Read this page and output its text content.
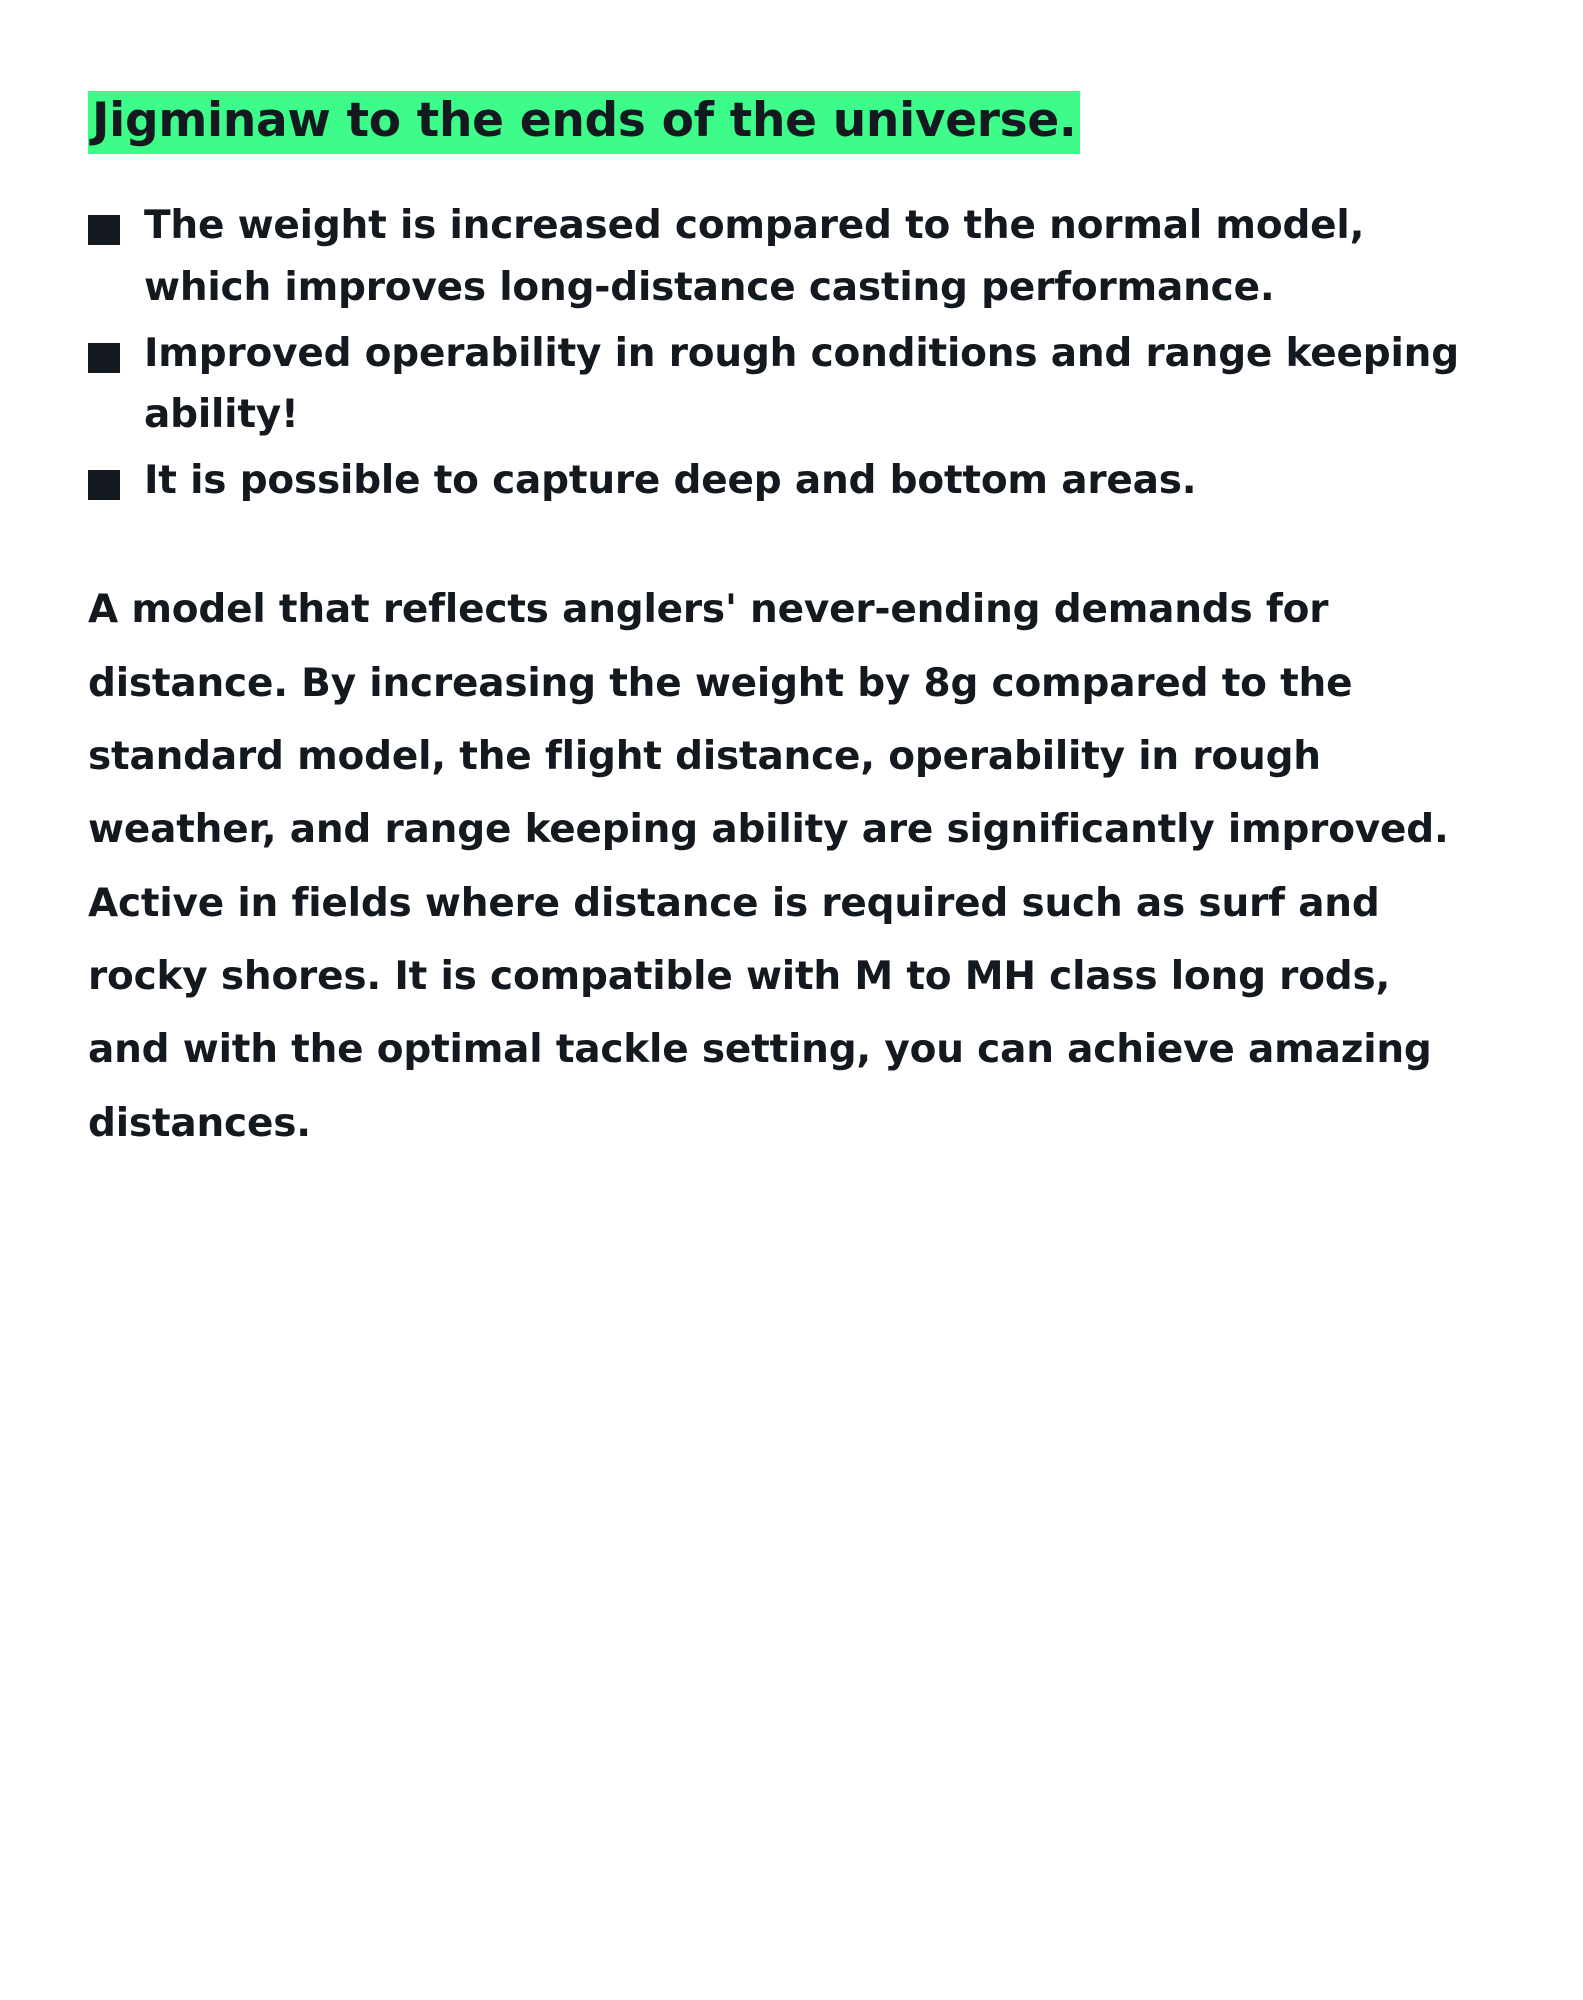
Jigminaw to the ends of the universe.
The weight is increased compared to the normal model, which improves long-distance casting performance.
Improved operability in rough conditions and range keeping ability!
It is possible to capture deep and bottom areas.

A model that reflects anglers' never-ending demands for distance. By increasing the weight by 8g compared to the standard model, the flight distance, operability in rough weather, and range keeping ability are significantly improved. Active in fields where distance is required such as surf and rocky shores. It is compatible with M to MH class long rods, and with the optimal tackle setting, you can achieve amazing distances.
